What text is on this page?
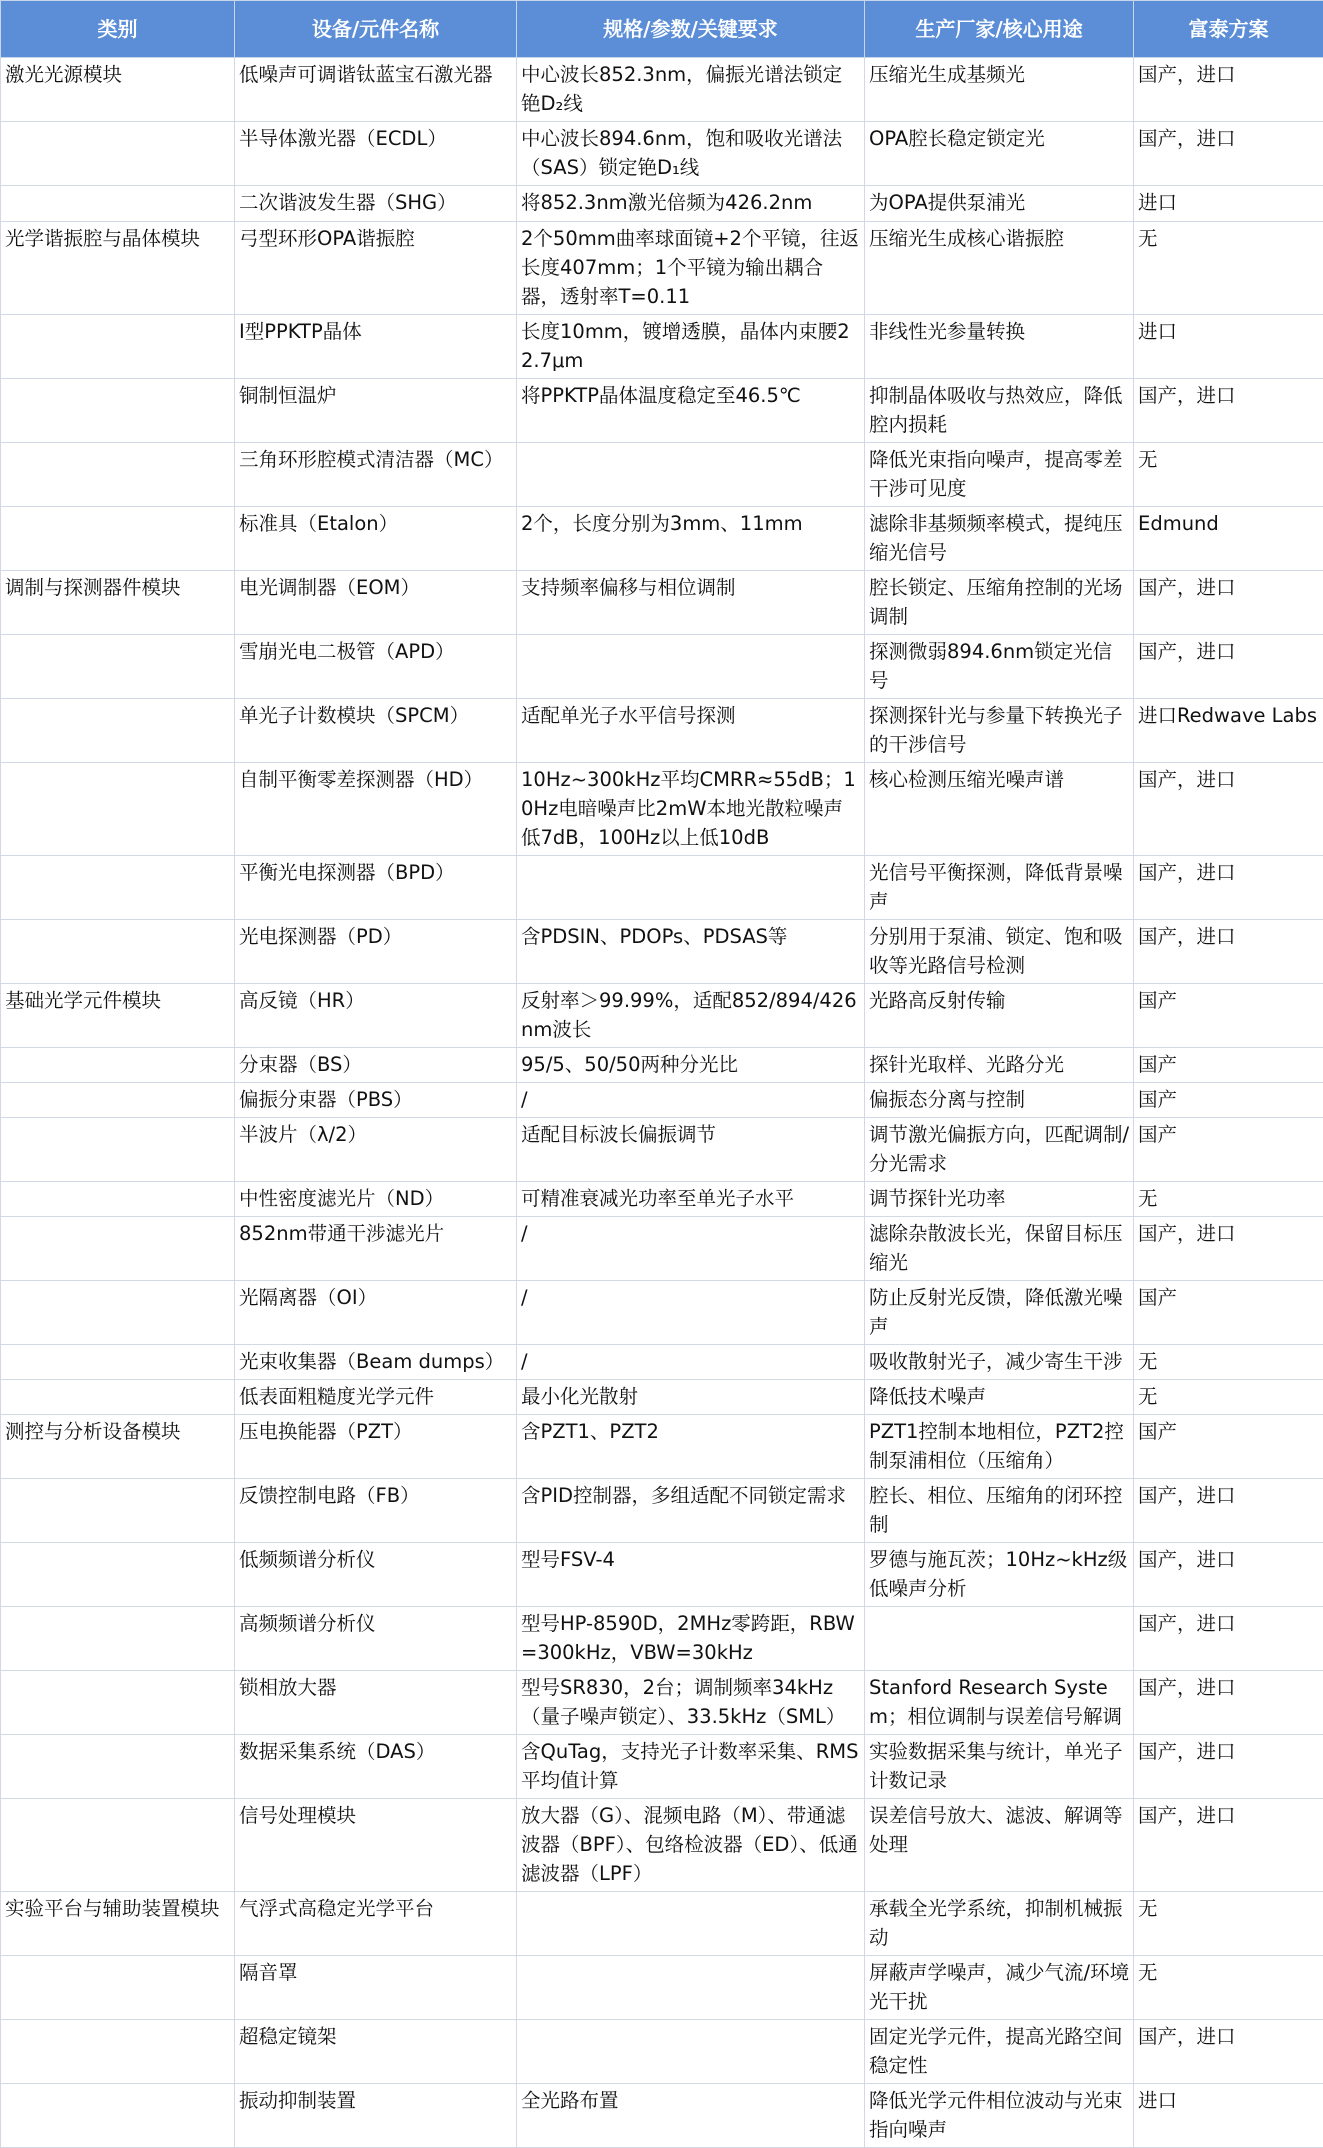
类别	设备/元件名称	规格/参数/关键要求	生产厂家/核心用途	富泰方案
激光光源模块	低噪声可调谐钛蓝宝石激光器	中心波长852.3nm，偏振光谱法锁定铯D₂线	压缩光生成基频光	国产，进口
	半导体激光器（ECDL）	中心波长894.6nm，饱和吸收光谱法（SAS）锁定铯D₁线	OPA腔长稳定锁定光	国产，进口
	二次谐波发生器（SHG）	将852.3nm激光倍频为426.2nm	为OPA提供泵浦光	进口
光学谐振腔与晶体模块	弓型环形OPA谐振腔	2个50mm曲率球面镜+2个平镜，往返长度407mm；1个平镜为输出耦合器，透射率T=0.11	压缩光生成核心谐振腔	无
	Ⅰ型PPKTP晶体	长度10mm，镀增透膜，晶体内束腰22.7μm	非线性光参量转换	进口
	铜制恒温炉	将PPKTP晶体温度稳定至46.5℃	抑制晶体吸收与热效应，降低腔内损耗	国产，进口
	三角环形腔模式清洁器（MC）		降低光束指向噪声，提高零差干涉可见度	无
	标准具（Etalon）	2个，长度分别为3mm、11mm	滤除非基频频率模式，提纯压缩光信号	Edmund
调制与探测器件模块	电光调制器（EOM）	支持频率偏移与相位调制	腔长锁定、压缩角控制的光场调制	国产，进口
	雪崩光电二极管（APD）		探测微弱894.6nm锁定光信号	国产，进口
	单光子计数模块（SPCM）	适配单光子水平信号探测	探测探针光与参量下转换光子的干涉信号	进口Redwave Labs
	自制平衡零差探测器（HD）	10Hz~300kHz平均CMRR≈55dB；10Hz电暗噪声比2mW本地光散粒噪声低7dB，100Hz以上低10dB	核心检测压缩光噪声谱	国产，进口
	平衡光电探测器（BPD）		光信号平衡探测，降低背景噪声	国产，进口
	光电探测器（PD）	含PDSIN、PDOPs、PDSAS等	分别用于泵浦、锁定、饱和吸收等光路信号检测	国产，进口
基础光学元件模块	高反镜（HR）	反射率＞99.99%，适配852/894/426nm波长	光路高反射传输	国产
	分束器（BS）	95/5、50/50两种分光比	探针光取样、光路分光	国产
	偏振分束器（PBS）	/	偏振态分离与控制	国产
	半波片（λ/2）	适配目标波长偏振调节	调节激光偏振方向，匹配调制/分光需求	国产
	中性密度滤光片（ND）	可精准衰减光功率至单光子水平	调节探针光功率	无
	852nm带通干涉滤光片	/	滤除杂散波长光，保留目标压缩光	国产，进口
	光隔离器（OI）	/	防止反射光反馈，降低激光噪声	国产
	光束收集器（Beam dumps）	/	吸收散射光子，减少寄生干涉	无
	低表面粗糙度光学元件	最小化光散射	降低技术噪声	无
测控与分析设备模块	压电换能器（PZT）	含PZT1、PZT2	PZT1控制本地相位，PZT2控制泵浦相位（压缩角）	国产
	反馈控制电路（FB）	含PID控制器，多组适配不同锁定需求	腔长、相位、压缩角的闭环控制	国产，进口
	低频频谱分析仪	型号FSV-4	罗德与施瓦茨；10Hz~kHz级低噪声分析	国产，进口
	高频频谱分析仪	型号HP-8590D，2MHz零跨距，RBW=300kHz，VBW=30kHz		国产，进口
	锁相放大器	型号SR830，2台；调制频率34kHz（量子噪声锁定）、33.5kHz（SML）	Stanford Research System；相位调制与误差信号解调	国产，进口
	数据采集系统（DAS）	含QuTag，支持光子计数率采集、RMS平均值计算	实验数据采集与统计，单光子计数记录	国产，进口
	信号处理模块	放大器（G）、混频电路（M）、带通滤波器（BPF）、包络检波器（ED）、低通滤波器（LPF）	误差信号放大、滤波、解调等处理	国产，进口
实验平台与辅助装置模块	气浮式高稳定光学平台		承载全光学系统，抑制机械振动	无
	隔音罩		屏蔽声学噪声，减少气流/环境光干扰	无
	超稳定镜架		固定光学元件，提高光路空间稳定性	国产，进口
	振动抑制装置	全光路布置	降低光学元件相位波动与光束指向噪声	进口
